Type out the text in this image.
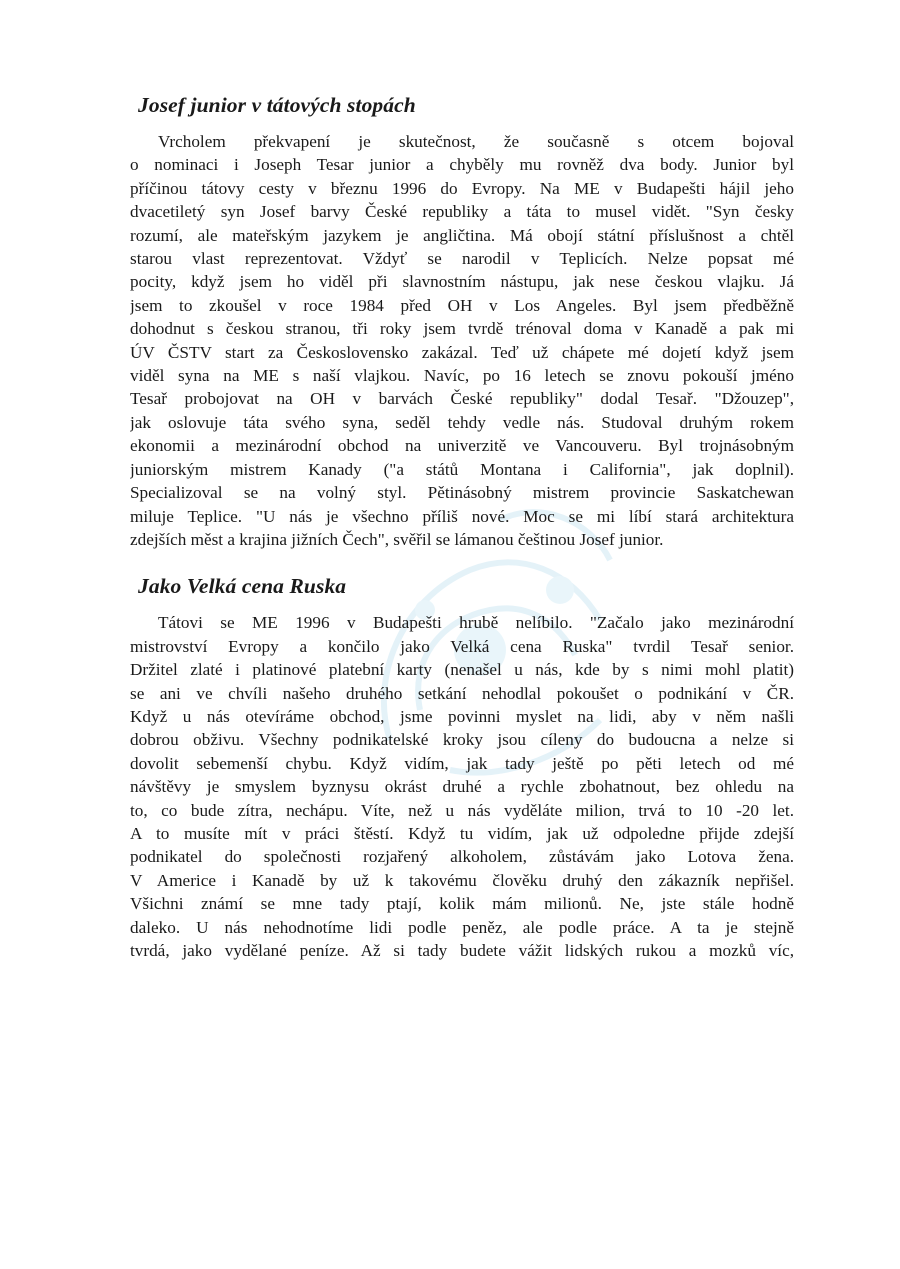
Josef junior v tátových stopách

Vrcholem překvapení je skutečnost, že současně s otcem bojoval
o nominaci i Joseph Tesar junior a chyběly mu rovněž dva body. Junior byl
příčinou tátovy cesty v březnu 1996 do Evropy. Na ME v Budapešti hájil jeho
dvacetiletý syn Josef barvy České republiky a táta to musel vidět. "Syn česky
rozumí, ale mateřským jazykem je angličtina. Má obojí státní příslušnost a chtěl
starou vlast reprezentovat. Vždyť se narodil v Teplicích. Nelze popsat mé
pocity, když jsem ho viděl při slavnostním nástupu, jak nese českou vlajku. Já
jsem to zkoušel v roce 1984 před OH v Los Angeles. Byl jsem předběžně
dohodnut s českou stranou, tři roky jsem tvrdě trénoval doma v Kanadě a pak mi
ÚV ČSTV start za Československo zakázal. Teď už chápete mé dojetí když jsem
viděl syna na ME s naší vlajkou. Navíc, po 16 letech se znovu pokouší jméno
Tesař probojovat na OH v barvách České republiky" dodal Tesař. "Džouzep",
jak oslovuje táta svého syna, seděl tehdy vedle nás. Studoval druhým rokem
ekonomii a mezinárodní obchod na univerzitě ve Vancouveru. Byl trojnásobným
juniorským mistrem Kanady ("a států Montana i California", jak doplnil).
Specializoval se na volný styl. Pětinásobný mistrem provincie Saskatchewan
miluje Teplice. "U nás je všechno příliš nové. Moc se mi líbí stará architektura
zdejších měst a krajina jižních Čech", svěřil se lámanou češtinou Josef junior.

Jako Velká cena Ruska

Tátovi se ME 1996 v Budapešti hrubě nelíbilo. "Začalo jako mezinárodní
mistrovství Evropy a končilo jako Velká cena Ruska" tvrdil Tesař senior.
Držitel zlaté i platinové platební karty (nenašel u nás, kde by s nimi mohl platit)
se ani ve chvíli našeho druhého setkání nehodlal pokoušet o podnikání v ČR.
Když u nás otevíráme obchod, jsme povinni myslet na lidi, aby v něm našli
dobrou obživu. Všechny podnikatelské kroky jsou cíleny do budoucna a nelze si
dovolit sebemenší chybu. Když vidím, jak tady ještě po pěti letech od mé
návštěvy je smyslem byznysu okrást druhé a rychle zbohatnout, bez ohledu na
to, co bude zítra, nechápu. Víte, než u nás vyděláte milion, trvá to 10 -20 let.
A to musíte mít v práci štěstí. Když tu vidím, jak už odpoledne přijde zdejší
podnikatel do společnosti rozjařený alkoholem, zůstávám jako Lotova žena.
V Americe i Kanadě by už k takovému člověku druhý den zákazník nepřišel.
Všichni známí se mne tady ptají, kolik mám milionů. Ne, jste stále hodně
daleko. U nás nehodnotíme lidi podle peněz, ale podle práce. A ta je stejně
tvrdá, jako vydělané peníze. Až si tady budete vážit lidských rukou a mozků víc,
